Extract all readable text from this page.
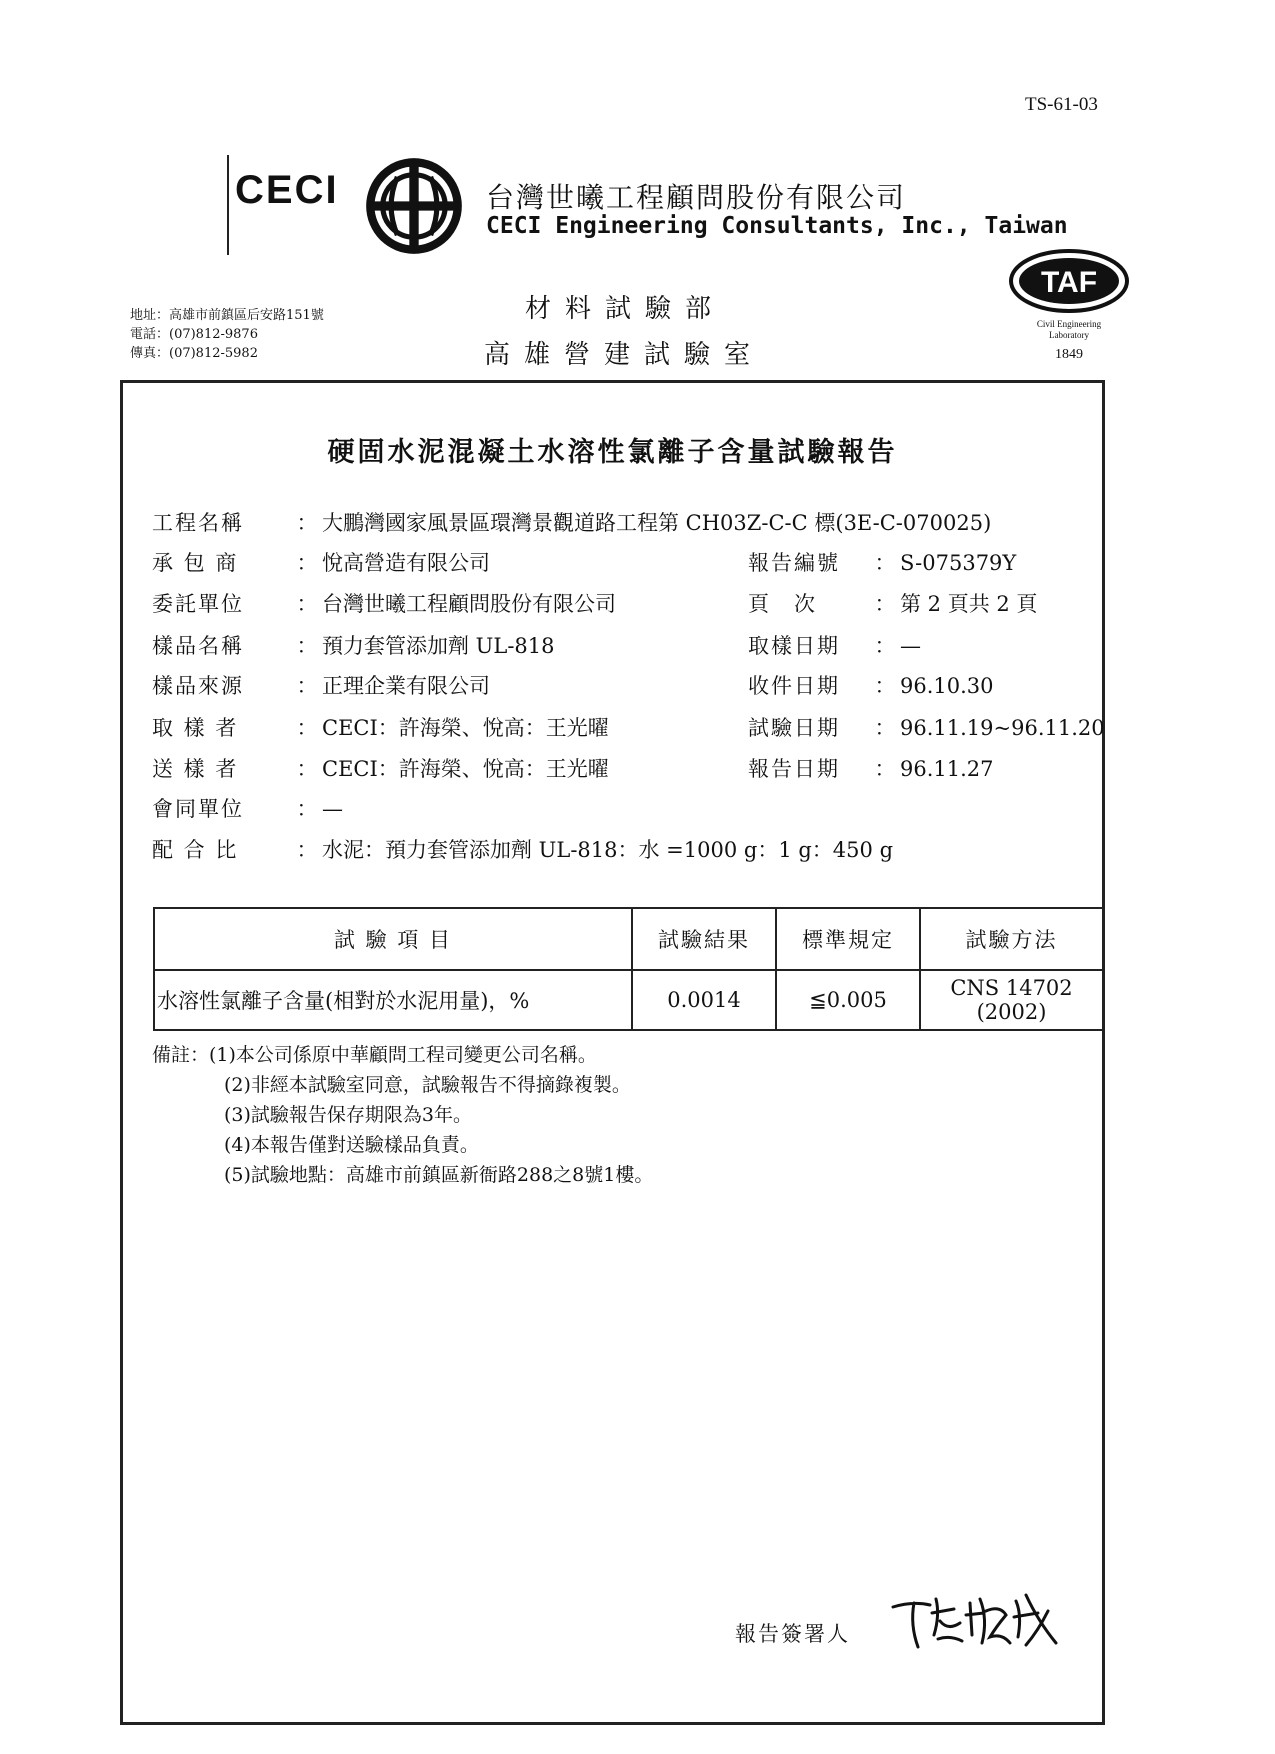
TS-61-03
CECI	台灣世曦工程顧問股份有限公司
CECI Engineering Consultants, Inc., Taiwan
地址：高雄市前鎮區后安路151號
電話：(07)812-9876
傳真：(07)812-5982
材料試驗部
高雄營建試驗室
TAF
Civil Engineering
Laboratory
1849
硬固水泥混凝土水溶性氯離子含量試驗報告
工程名稱	： 大鵬灣國家風景區環灣景觀道路工程第 CH03Z-C-C 標(3E-C-070025)
承 包 商	： 悅高營造有限公司
委託單位	： 台灣世曦工程顧問股份有限公司
樣品名稱	： 預力套管添加劑 UL-818
樣品來源	： 正理企業有限公司
取 樣 者	： CECI：許海榮、悅高：王光曜
送 樣 者	： CECI：許海榮、悅高：王光曜
會同單位	： —
配 合 比	： 水泥：預力套管添加劑 UL-818：水 =1000 g：1 g：450 g
報告編號 ： S-075379Y
頁　次	： 第 2 頁共 2 頁
取樣日期 ： —
收件日期 ： 96.10.30
試驗日期 ： 96.11.19~96.11.20
報告日期 ： 96.11.27
試 驗 項 目	試驗結果	標準規定	試驗方法
水溶性氯離子含量(相對於水泥用量)，%	0.0014	≦0.005	CNS 14702
(2002)
備註：(1)本公司係原中華顧問工程司變更公司名稱。
(2)非經本試驗室同意，試驗報告不得摘錄複製。
(3)試驗報告保存期限為3年。
(4)本報告僅對送驗樣品負責。
(5)試驗地點：高雄市前鎮區新衙路288之8號1樓。
報告簽署人
